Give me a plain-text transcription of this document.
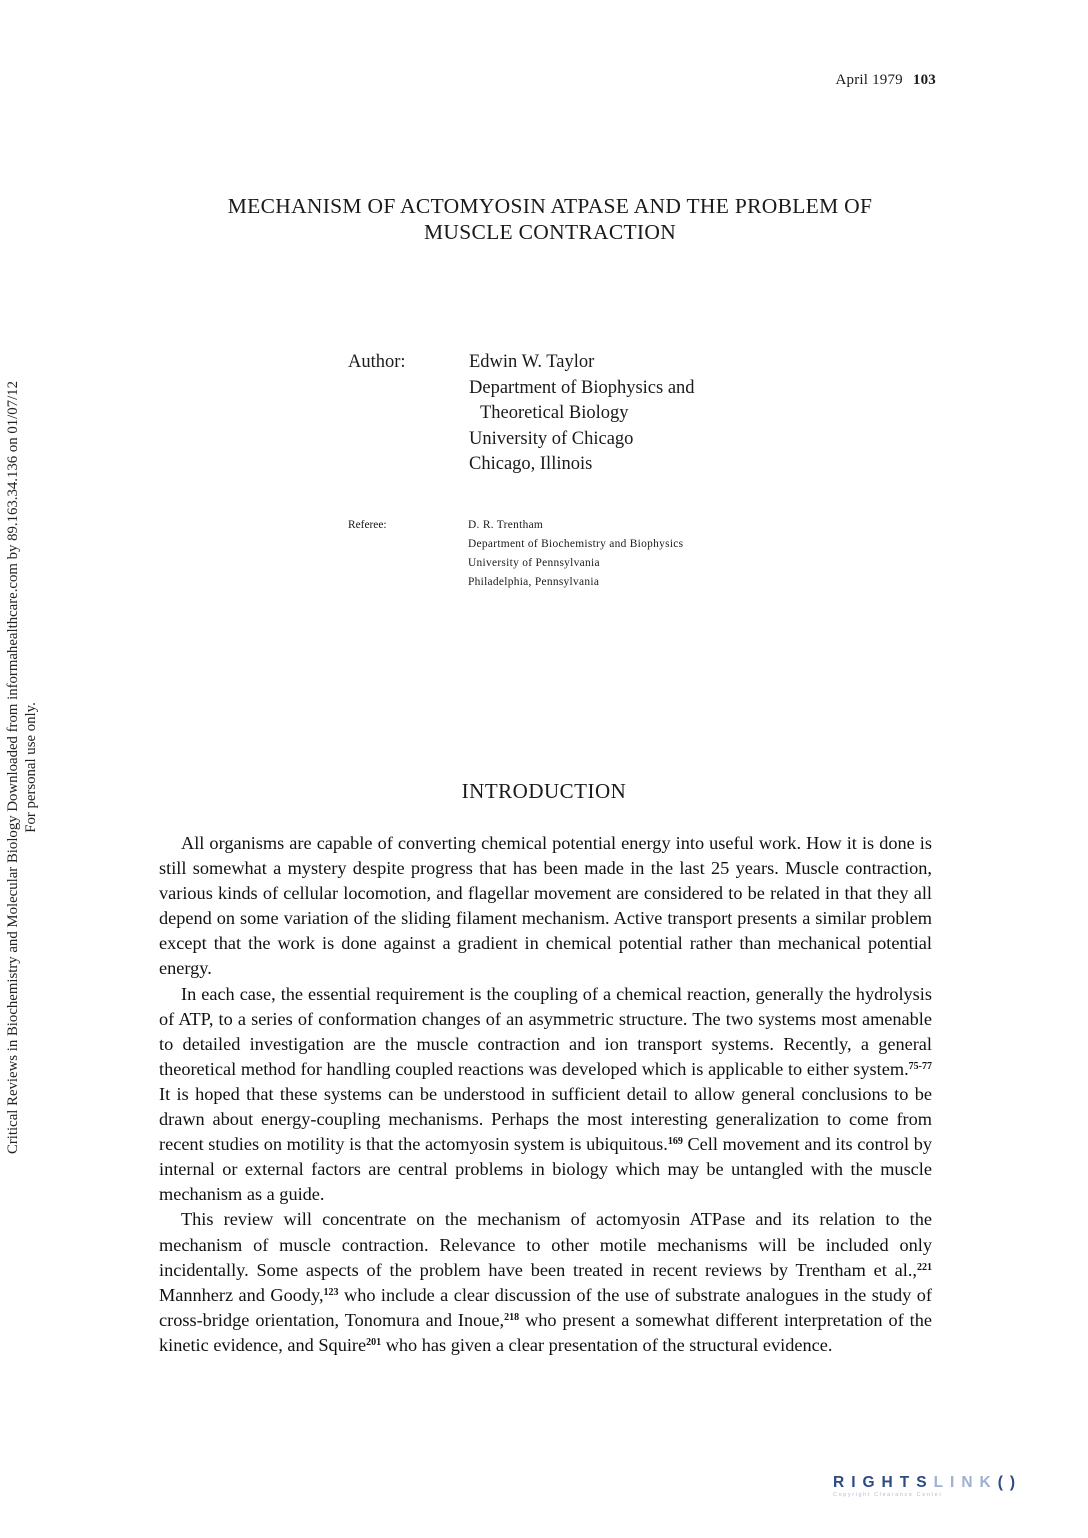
April 1979 103
Critical Reviews in Biochemistry and Molecular Biology Downloaded from informahealthcare.com by 89.163.34.136 on 01/07/12 For personal use only.
MECHANISM OF ACTOMYOSIN ATPASE AND THE PROBLEM OF
MUSCLE CONTRACTION
Author:	Edwin W. Taylor
Department of Biophysics and
Theoretical Biology
University of Chicago
Chicago, Illinois
Referee:	D. R. Trentham
Department of Biochemistry and Biophysics
University of Pennsylvania
Philadelphia, Pennsylvania
INTRODUCTION

All organisms are capable of converting chemical potential energy into useful work. How it is done is still somewhat a mystery despite progress that has been made in the last 25 years. Muscle contraction, various kinds of cellular locomotion, and flagellar movement are considered to be related in that they all depend on some variation of the sliding filament mechanism. Active transport presents a similar problem except that the work is done against a gradient in chemical potential rather than mechanical potential energy.

In each case, the essential requirement is the coupling of a chemical reaction, generally the hydrolysis of ATP, to a series of conformation changes of an asymmetric structure. The two systems most amenable to detailed investigation are the muscle contraction and ion transport systems. Recently, a general theoretical method for handling coupled reactions was developed which is applicable to either system.$^{75-77}$ It is hoped that these systems can be understood in sufficient detail to allow general conclusions to be drawn about energy-coupling mechanisms. Perhaps the most interesting generalization to come from recent studies on motility is that the actomyosin system is ubiquitous.$^{169}$ Cell movement and its control by internal or external factors are central problems in biology which may be untangled with the muscle mechanism as a guide.

This review will concentrate on the mechanism of actomyosin ATPase and its relation to the mechanism of muscle contraction. Relevance to other motile mechanisms will be included only incidentally. Some aspects of the problem have been treated in recent reviews by Trentham et al.,$^{221}$ Mannherz and Goody,$^{123}$ who include a clear discussion of the use of substrate analogues in the study of cross-bridge orientation, Tonomura and Inoue,$^{218}$ who present a somewhat different interpretation of the kinetic evidence, and Squire$^{201}$ who has given a clear presentation of the structural evidence.

RIGHTSLINK()
Copyright Clearance Center
